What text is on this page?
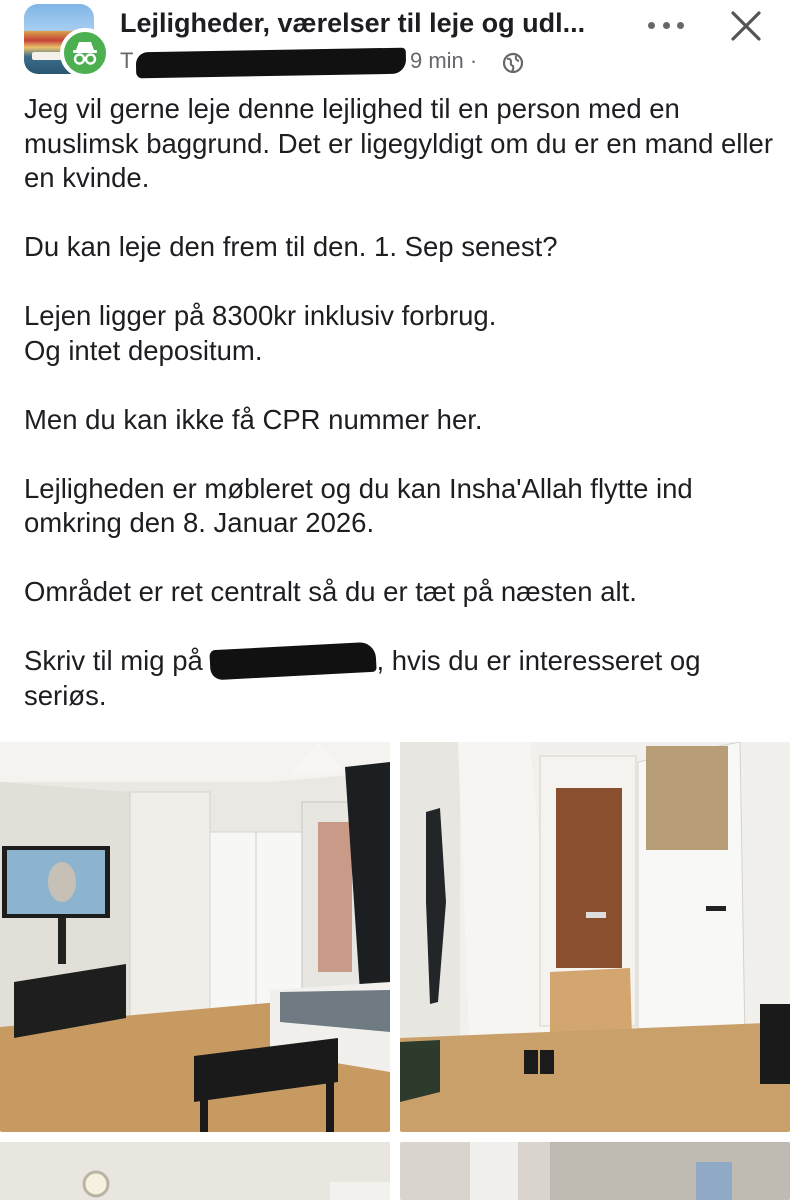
Lejligheder, værelser til leje og udl...
T	9 min ·

Jeg vil gerne leje denne lejlighed til en person med en muslimsk baggrund. Det er ligegyldigt om du er en mand eller en kvinde.

Du kan leje den frem til den. 1. Sep senest?

Lejen ligger på 8300kr inklusiv forbrug.
Og intet depositum.

Men du kan ikke få CPR nummer her.

Lejligheden er møbleret og du kan Insha'Allah flytte ind omkring den 8. Januar 2026.

Området er ret centralt så du er tæt på næsten alt.

Skriv til mig på	, hvis du er interesseret og seriøs.
